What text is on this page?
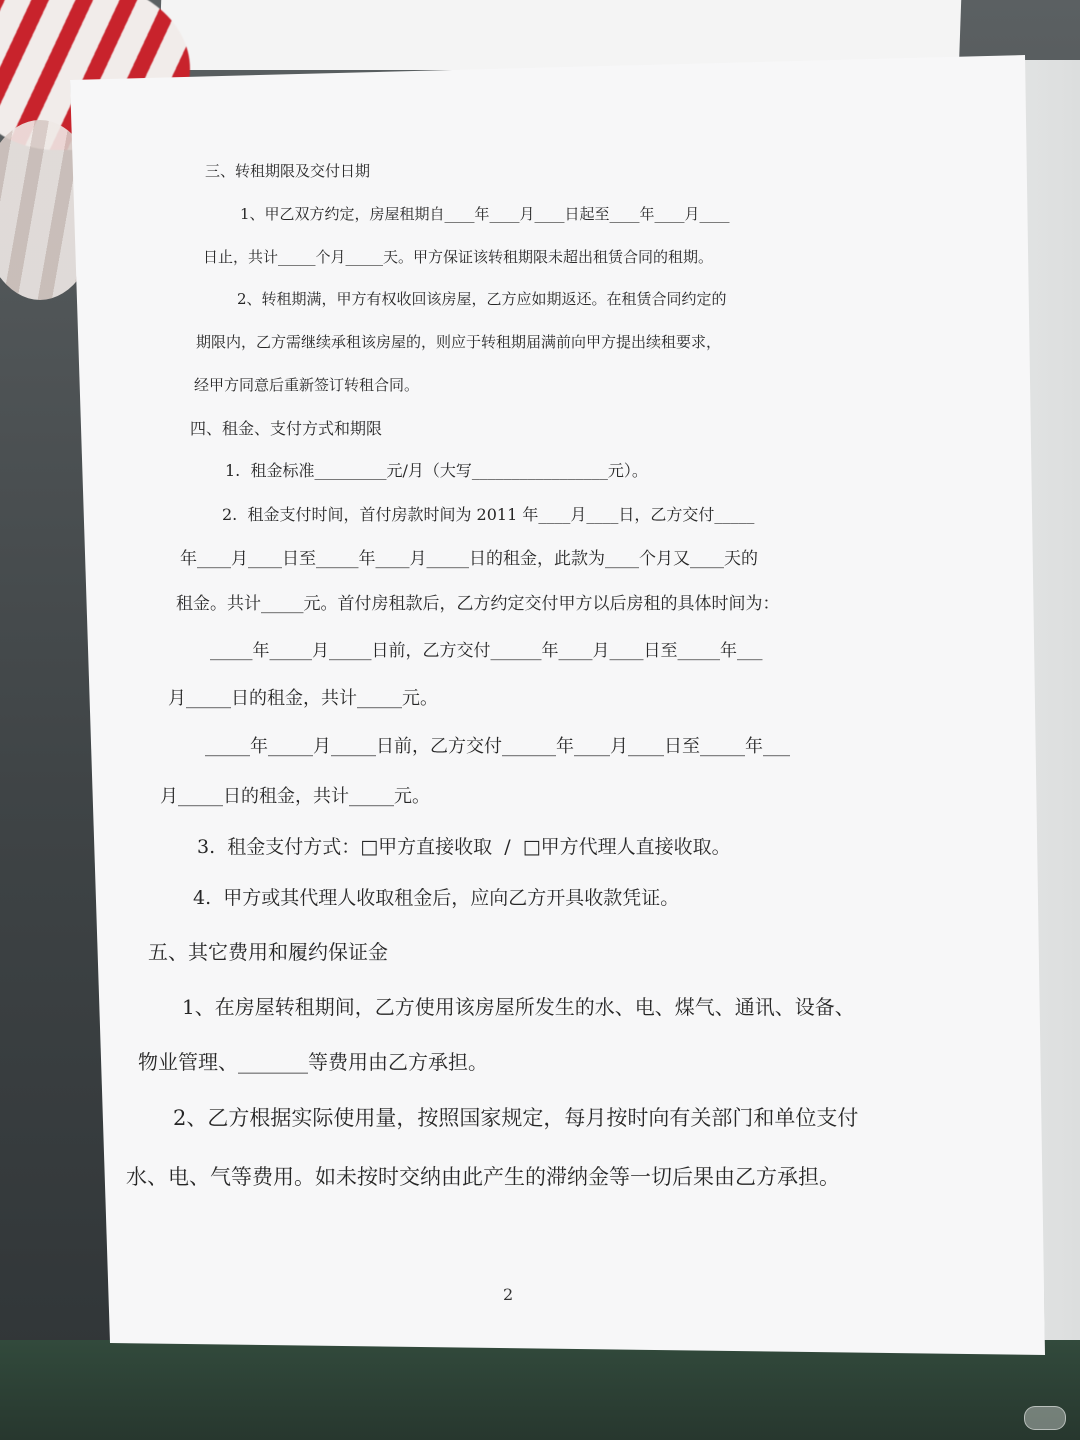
三、转租期限及交付日期
1、甲乙双方约定，房屋租期自____年____月____日起至____年____月____
日止，共计_____个月_____天。甲方保证该转租期限未超出租赁合同的租期。
2、转租期满，甲方有权收回该房屋，乙方应如期返还。在租赁合同约定的
期限内，乙方需继续承租该房屋的，则应于转租期届满前向甲方提出续租要求，
经甲方同意后重新签订转租合同。
四、租金、支付方式和期限
1.  租金标准_________元/月（大写_________________元）。
2.  租金支付时间，首付房款时间为 2011 年____月____日，乙方交付_____
年____月____日至_____年____月_____日的租金，此款为____个月又____天的
租金。共计_____元。首付房租款后，乙方约定交付甲方以后房租的具体时间为：
_____年_____月_____日前，乙方交付______年____月____日至_____年___
月_____日的租金，共计_____元。
_____年_____月_____日前，乙方交付______年____月____日至_____年___
月_____日的租金，共计_____元。
3.  租金支付方式：□甲方直接收取  /  □甲方代理人直接收取。
4.  甲方或其代理人收取租金后，应向乙方开具收款凭证。
五、其它费用和履约保证金
1、在房屋转租期间，乙方使用该房屋所发生的水、电、煤气、通讯、设备、
物业管理、_______等费用由乙方承担。
2、乙方根据实际使用量，按照国家规定，每月按时向有关部门和单位支付
水、电、气等费用。如未按时交纳由此产生的滞纳金等一切后果由乙方承担。
2
